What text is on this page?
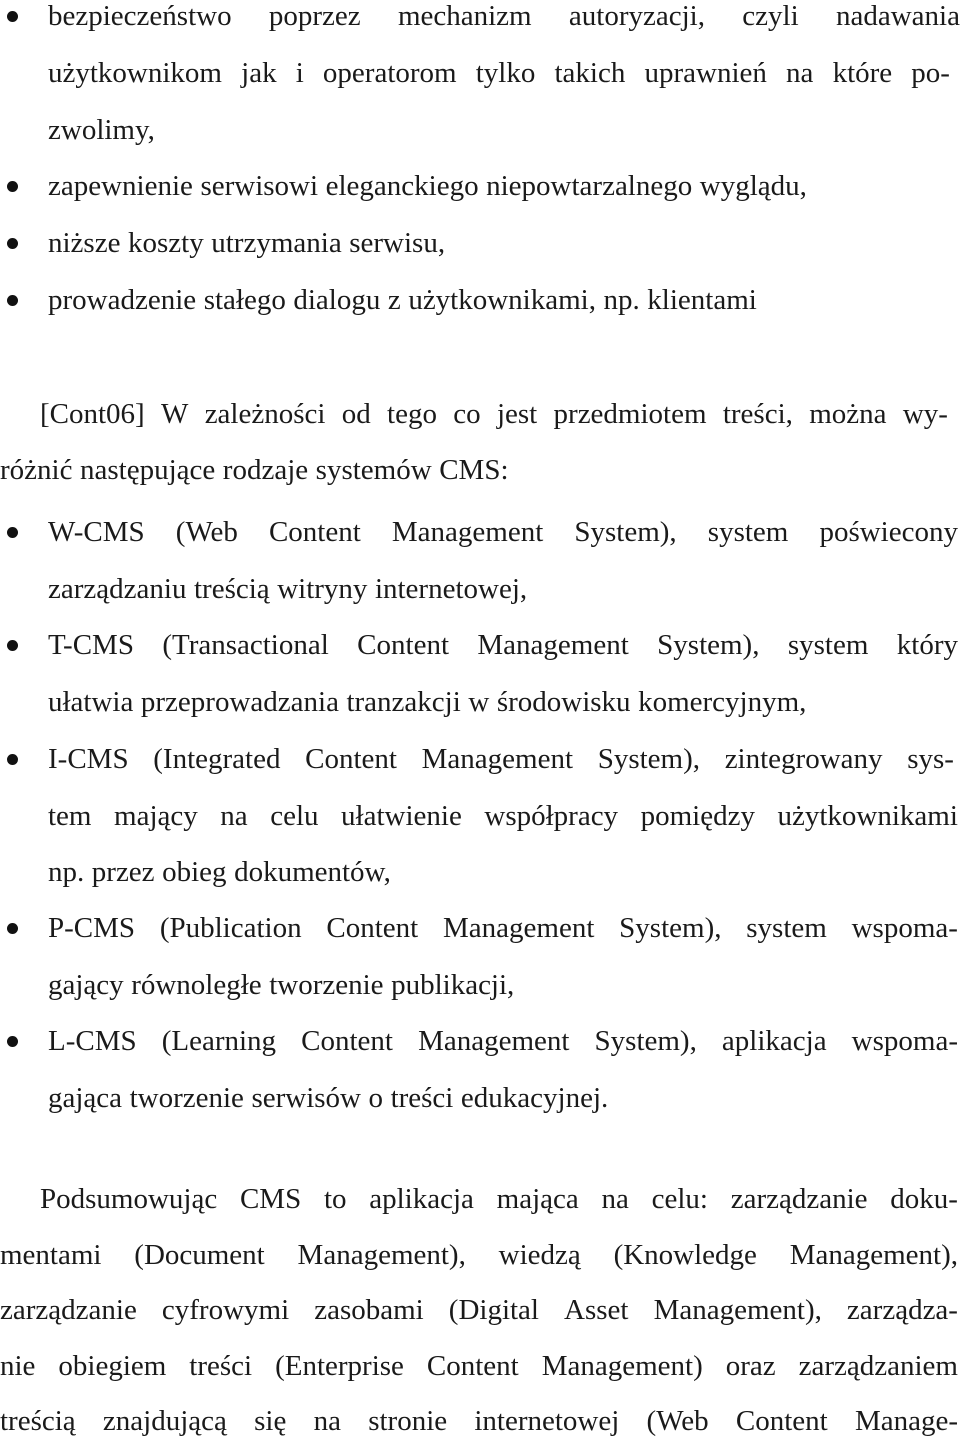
bezpieczeństwo poprzez mechanizm autoryzacji, czyli nadawania
użytkownikom jak i operatorom tylko takich uprawnień na które po-
zwolimy,
zapewnienie serwisowi eleganckiego niepowtarzalnego wyglądu,
niższe koszty utrzymania serwisu,
prowadzenie stałego dialogu z użytkownikami, np. klientami
[Cont06] W zależności od tego co jest przedmiotem treści, można wy-
różnić następujące rodzaje systemów CMS:
W-CMS (Web Content Management System), system poświecony
zarządzaniu treścią witryny internetowej,
T-CMS (Transactional Content Management System), system który
ułatwia przeprowadzania tranzakcji w środowisku komercyjnym,
I-CMS (Integrated Content Management System), zintegrowany sys-
tem mający na celu ułatwienie współpracy pomiędzy użytkownikami
np. przez obieg dokumentów,
P-CMS (Publication Content Management System), system wspoma-
gający równoległe tworzenie publikacji,
L-CMS (Learning Content Management System), aplikacja wspoma-
gająca tworzenie serwisów o treści edukacyjnej.
Podsumowując CMS to aplikacja mająca na celu: zarządzanie doku-
mentami (Document Management), wiedzą (Knowledge Management),
zarządzanie cyfrowymi zasobami (Digital Asset Management), zarządza-
nie obiegiem treści (Enterprise Content Management) oraz zarządzaniem
treścią znajdującą się na stronie internetowej (Web Content Manage-
